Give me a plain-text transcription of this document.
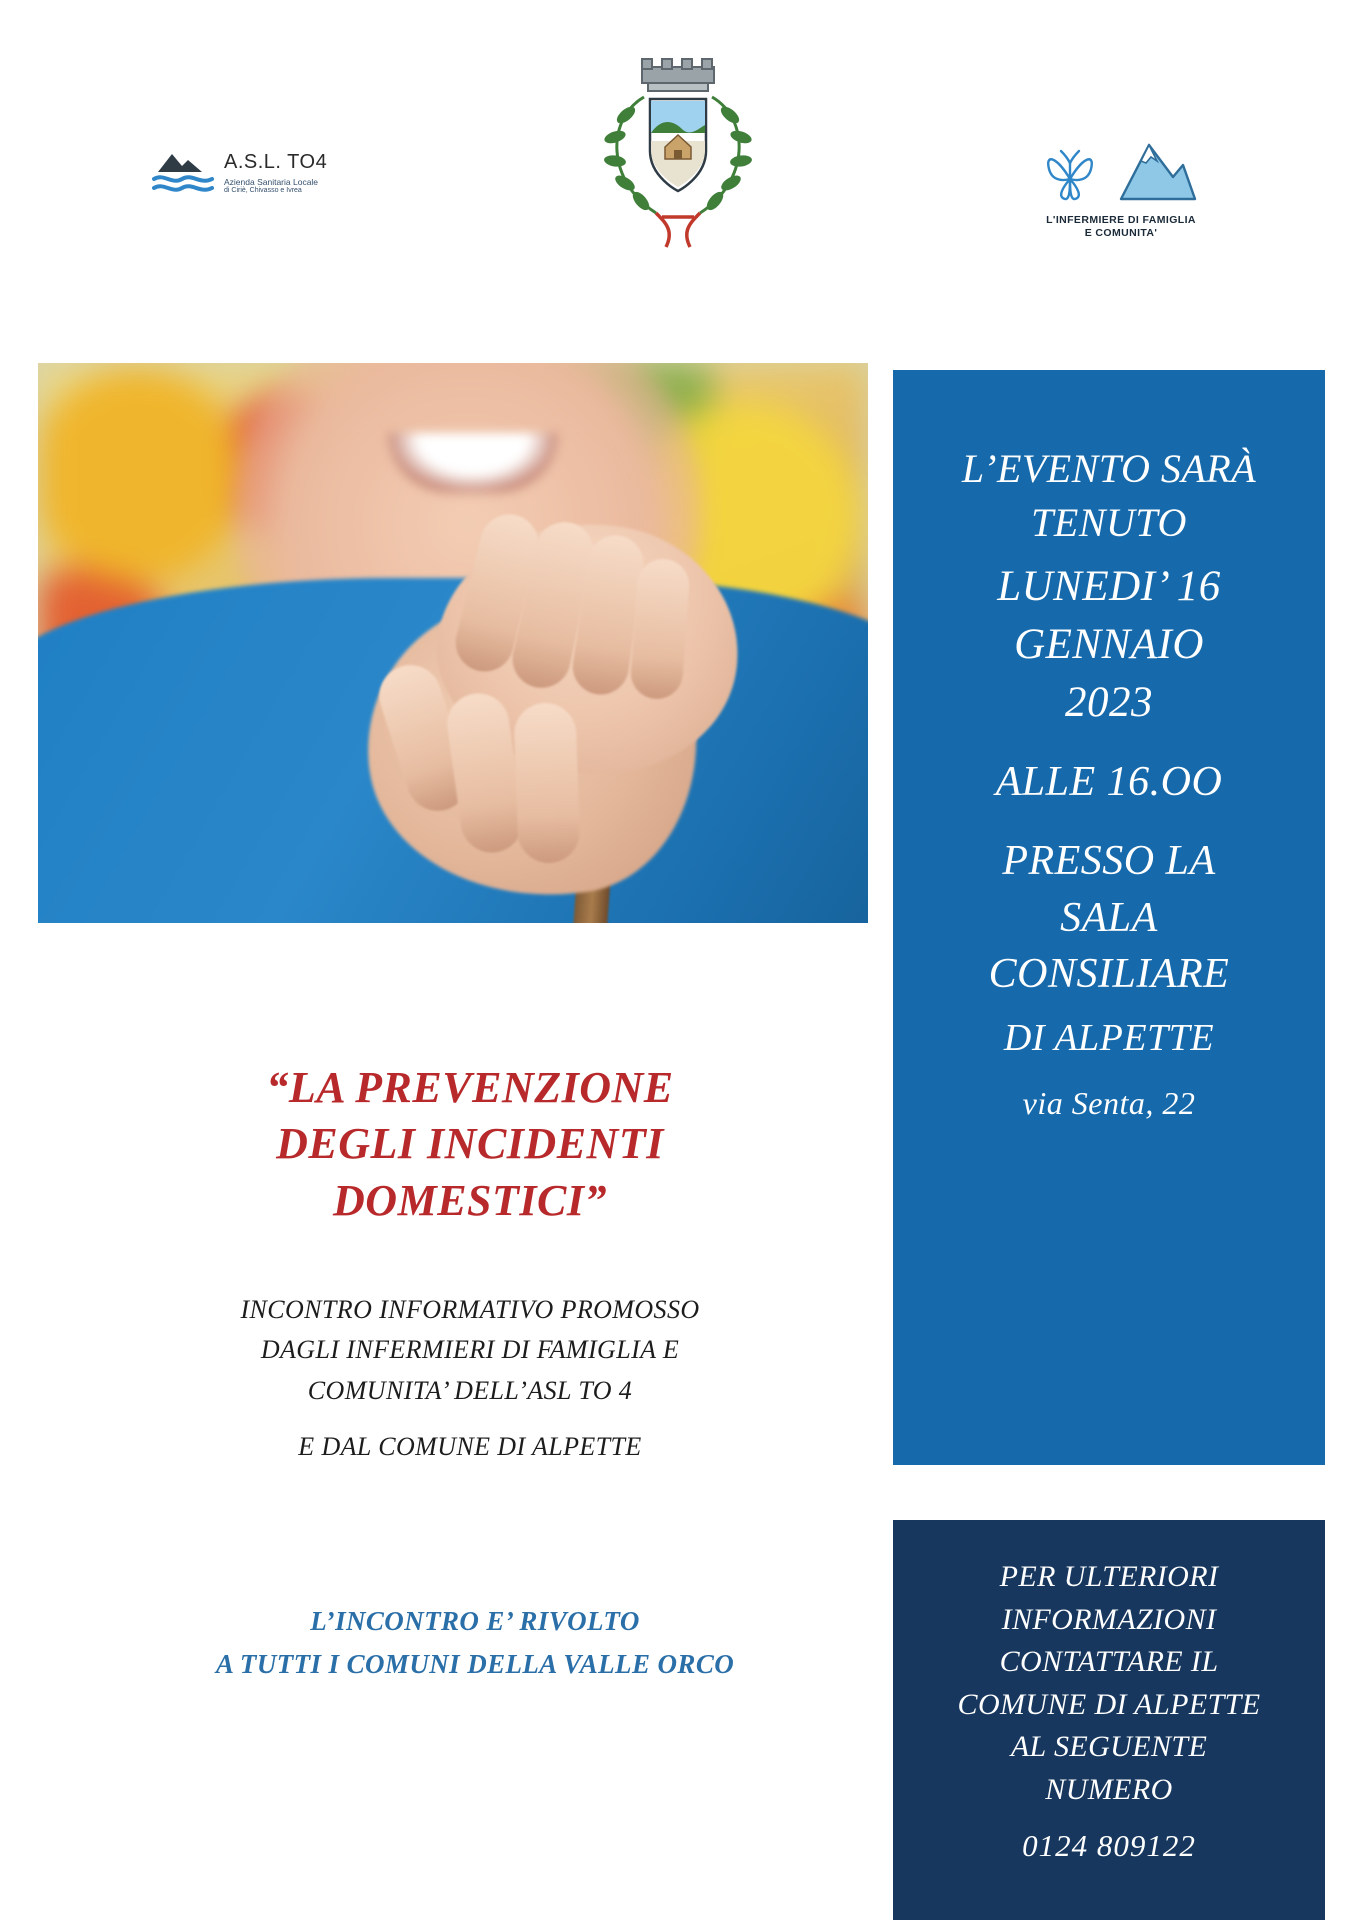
A.S.L. TO4
Azienda Sanitaria Locale
di Ciriè, Chivasso e Ivrea
L'INFERMIERE DI FAMIGLIA
E COMUNITA'
“LA PREVENZIONE
DEGLI INCIDENTI
DOMESTICI”
INCONTRO INFORMATIVO PROMOSSO
DAGLI INFERMIERI DI FAMIGLIA E
COMUNITA’ DELL’ASL TO 4
E DAL COMUNE DI ALPETTE
L’INCONTRO E’ RIVOLTO
A TUTTI I COMUNI DELLA VALLE ORCO
L’EVENTO SARÀ
TENUTO
LUNEDI’ 16
GENNAIO
2023
ALLE 16.OO
PRESSO LA
SALA
CONSILIARE
DI ALPETTE
via Senta, 22
PER ULTERIORI
INFORMAZIONI
CONTATTARE IL
COMUNE DI ALPETTE
AL SEGUENTE
NUMERO
0124 809122
